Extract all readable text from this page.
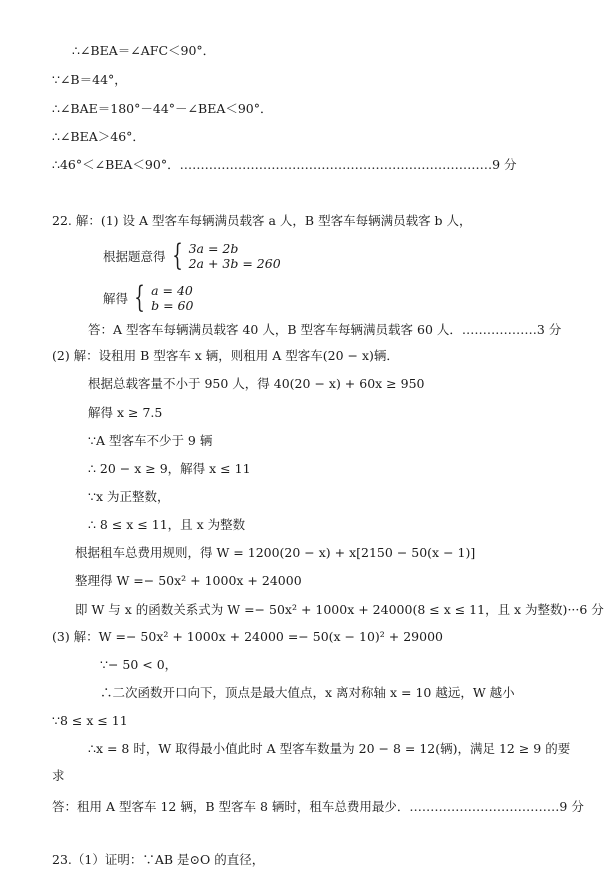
∴∠BEA＝∠AFC＜90°．
∵∠B＝44°，
∴∠BAE＝180°－44°－∠BEA＜90°．
∴∠BEA＞46°．
∴46°＜∠BEA＜90°．…………………………………………………………………9 分
22. 解：(1) 设 A 型客车每辆满员载客 a 人，B 型客车每辆满员载客 b 人，
答：A 型客车每辆满员载客 40 人，B 型客车每辆满员载客 60 人．………………3 分
(2) 解：设租用 B 型客车 x 辆，则租用 A 型客车(20 − x)辆．
根据总载客量不小于 950 人，得 40(20 − x) + 60x ≥ 950
解得 x ≥ 7.5
∵A 型客车不少于 9 辆
∴ 20 − x ≥ 9，解得 x ≤ 11
∵x 为正整数，
∴ 8 ≤ x ≤ 11，且 x 为整数
根据租车总费用规则，得 W = 1200(20 − x) + x[2150 − 50(x − 1)]
整理得 W =− 50x² + 1000x + 24000
即 W 与 x 的函数关系式为 W =− 50x² + 1000x + 24000(8 ≤ x ≤ 11，且 x 为整数)···6 分
(3) 解：W =− 50x² + 1000x + 24000 =− 50(x − 10)² + 29000
∵− 50 < 0，
∴二次函数开口向下，顶点是最大值点，x 离对称轴 x = 10 越远，W 越小
∵8 ≤ x ≤ 11
∴x = 8 时，W 取得最小值此时 A 型客车数量为 20 − 8 = 12(辆)，满足 12 ≥ 9 的要
求
答：租用 A 型客车 12 辆，B 型客车 8 辆时，租车总费用最少．………………………………9 分
23.（1）证明：∵AB 是⊙O 的直径，
根据题意得 { 3a = 2b
2a + 3b = 260
解得 { a = 40
b = 60
